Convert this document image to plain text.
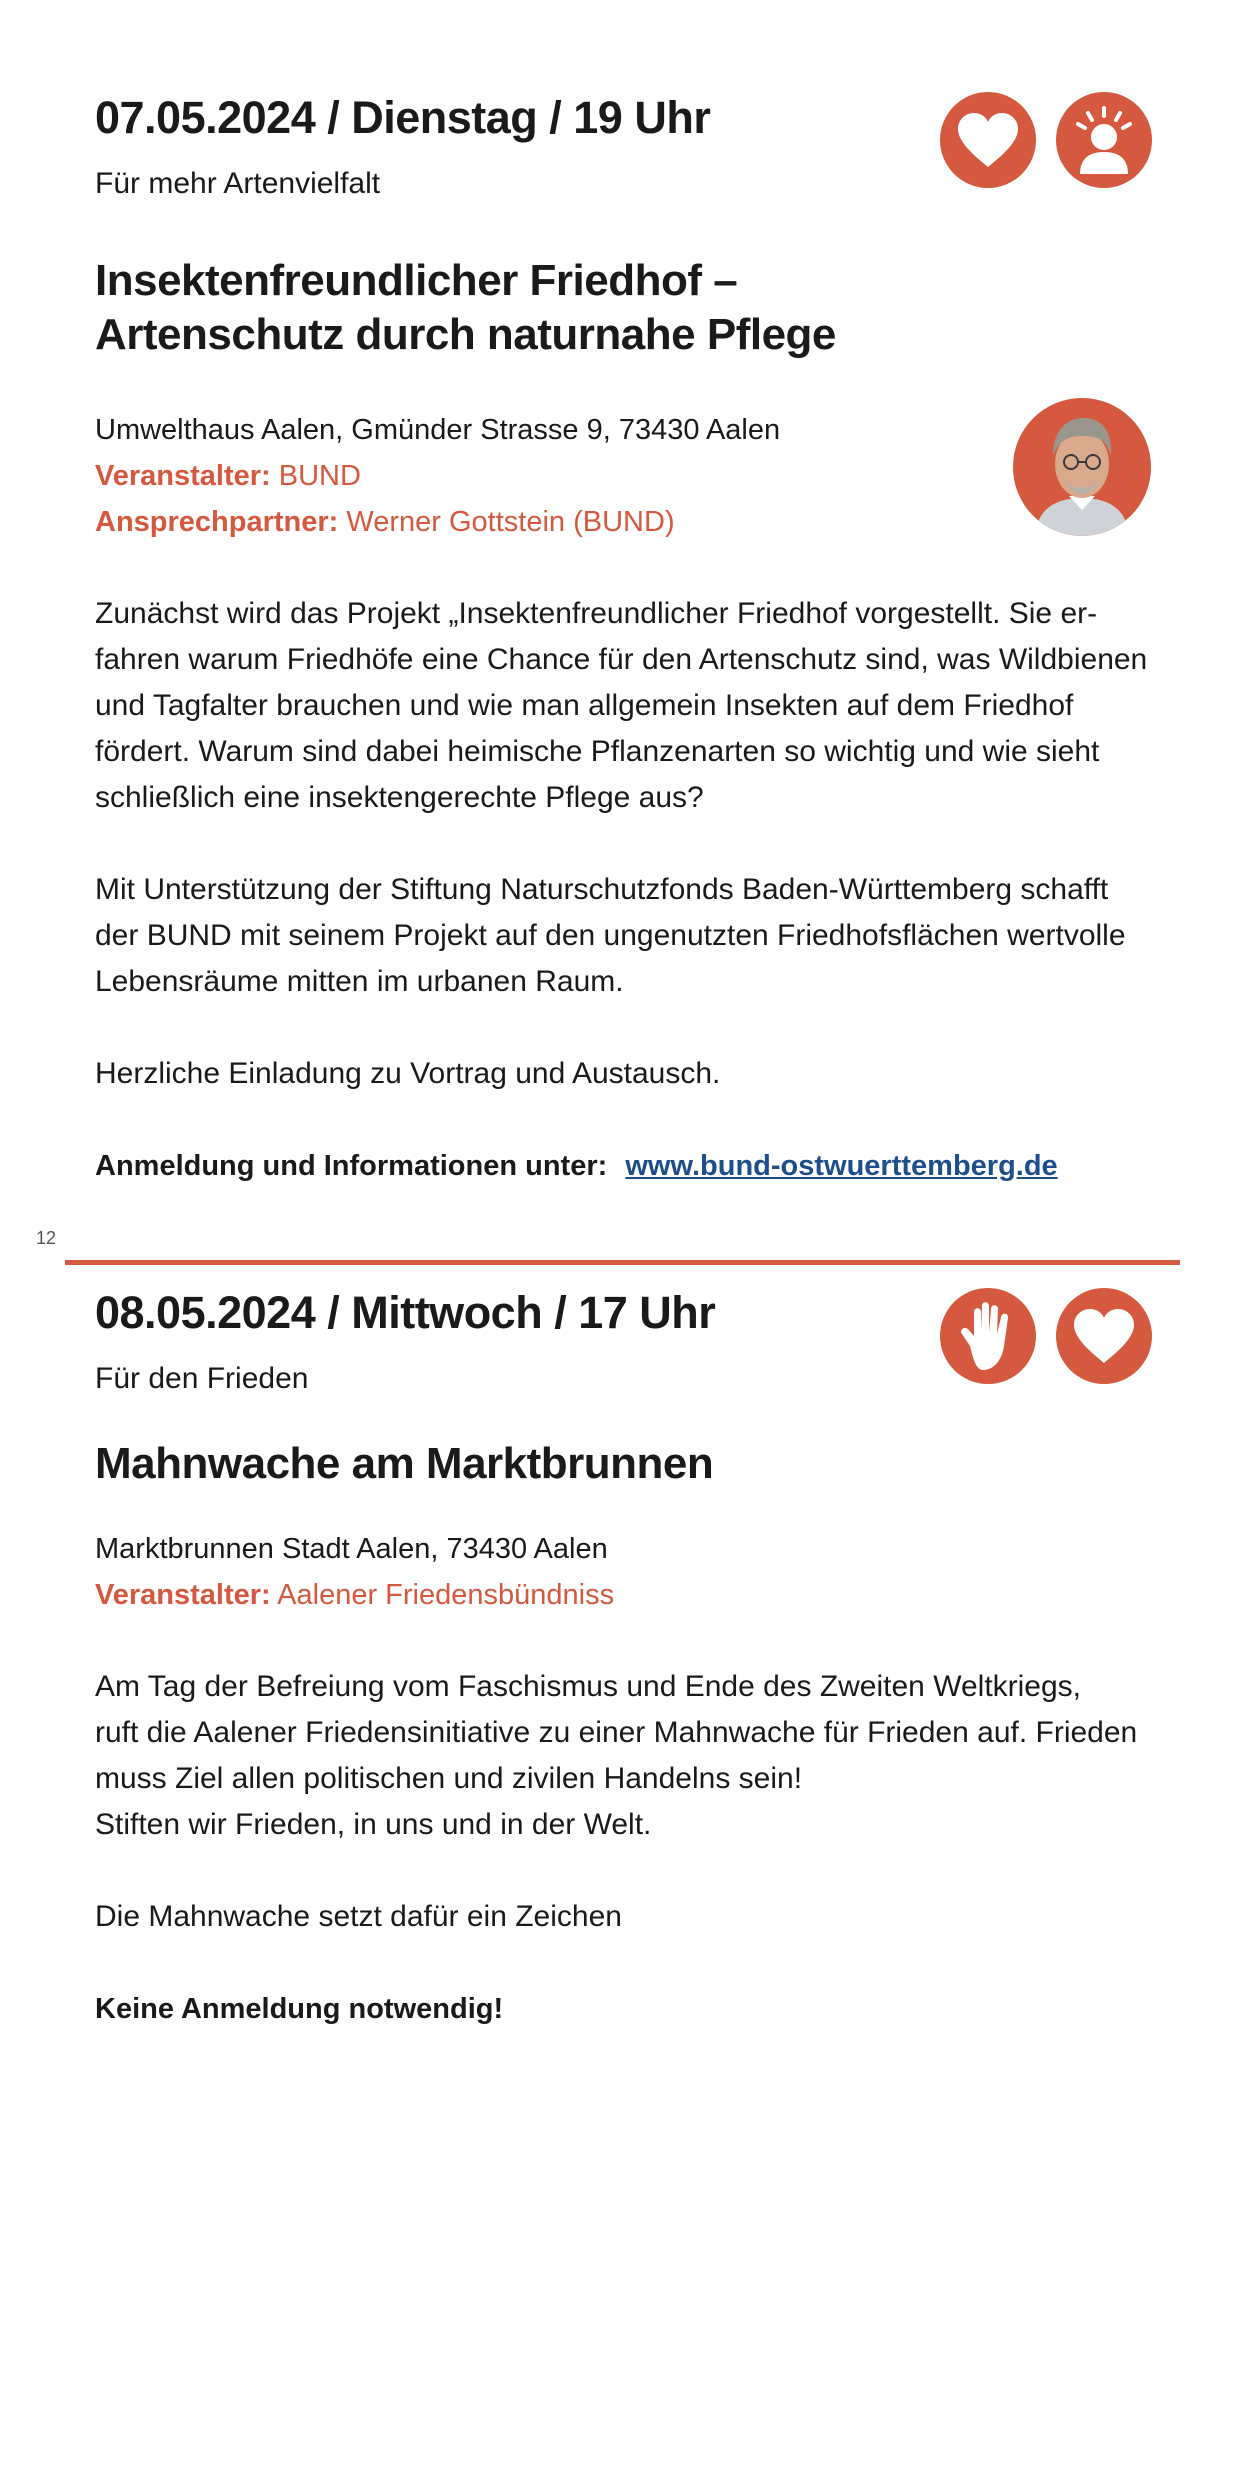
07.05.2024 / Dienstag / 19 Uhr
Für mehr Artenvielfalt
Insektenfreundlicher Friedhof –
Artenschutz durch naturnahe Pflege
Umwelthaus Aalen, Gmünder Strasse 9, 73430 Aalen
Veranstalter: BUND
Ansprechpartner: Werner Gottstein (BUND)

Zunächst wird das Projekt „Insektenfreundlicher Friedhof vorgestellt. Sie er-
fahren warum Friedhöfe eine Chance für den Artenschutz sind, was Wildbienen
und Tagfalter brauchen und wie man allgemein Insekten auf dem Friedhof
fördert. Warum sind dabei heimische Pflanzenarten so wichtig und wie sieht
schließlich eine insektengerechte Pflege aus?

Mit Unterstützung der Stiftung Naturschutzfonds Baden-Württemberg schafft
der BUND mit seinem Projekt auf den ungenutzten Friedhofsflächen wertvolle
Lebensräume mitten im urbanen Raum.

Herzliche Einladung zu Vortrag und Austausch.

Anmeldung und Informationen unter: www.bund-ostwuerttemberg.de
12
08.05.2024 / Mittwoch / 17 Uhr
Für den Frieden
Mahnwache am Marktbrunnen
Marktbrunnen Stadt Aalen, 73430 Aalen
Veranstalter: Aalener Friedensbündniss

Am Tag der Befreiung vom Faschismus und Ende des Zweiten Weltkriegs,
ruft die Aalener Friedensinitiative zu einer Mahnwache für Frieden auf. Frieden
muss Ziel allen politischen und zivilen Handelns sein!
Stiften wir Frieden, in uns und in der Welt.

Die Mahnwache setzt dafür ein Zeichen

Keine Anmeldung notwendig!
